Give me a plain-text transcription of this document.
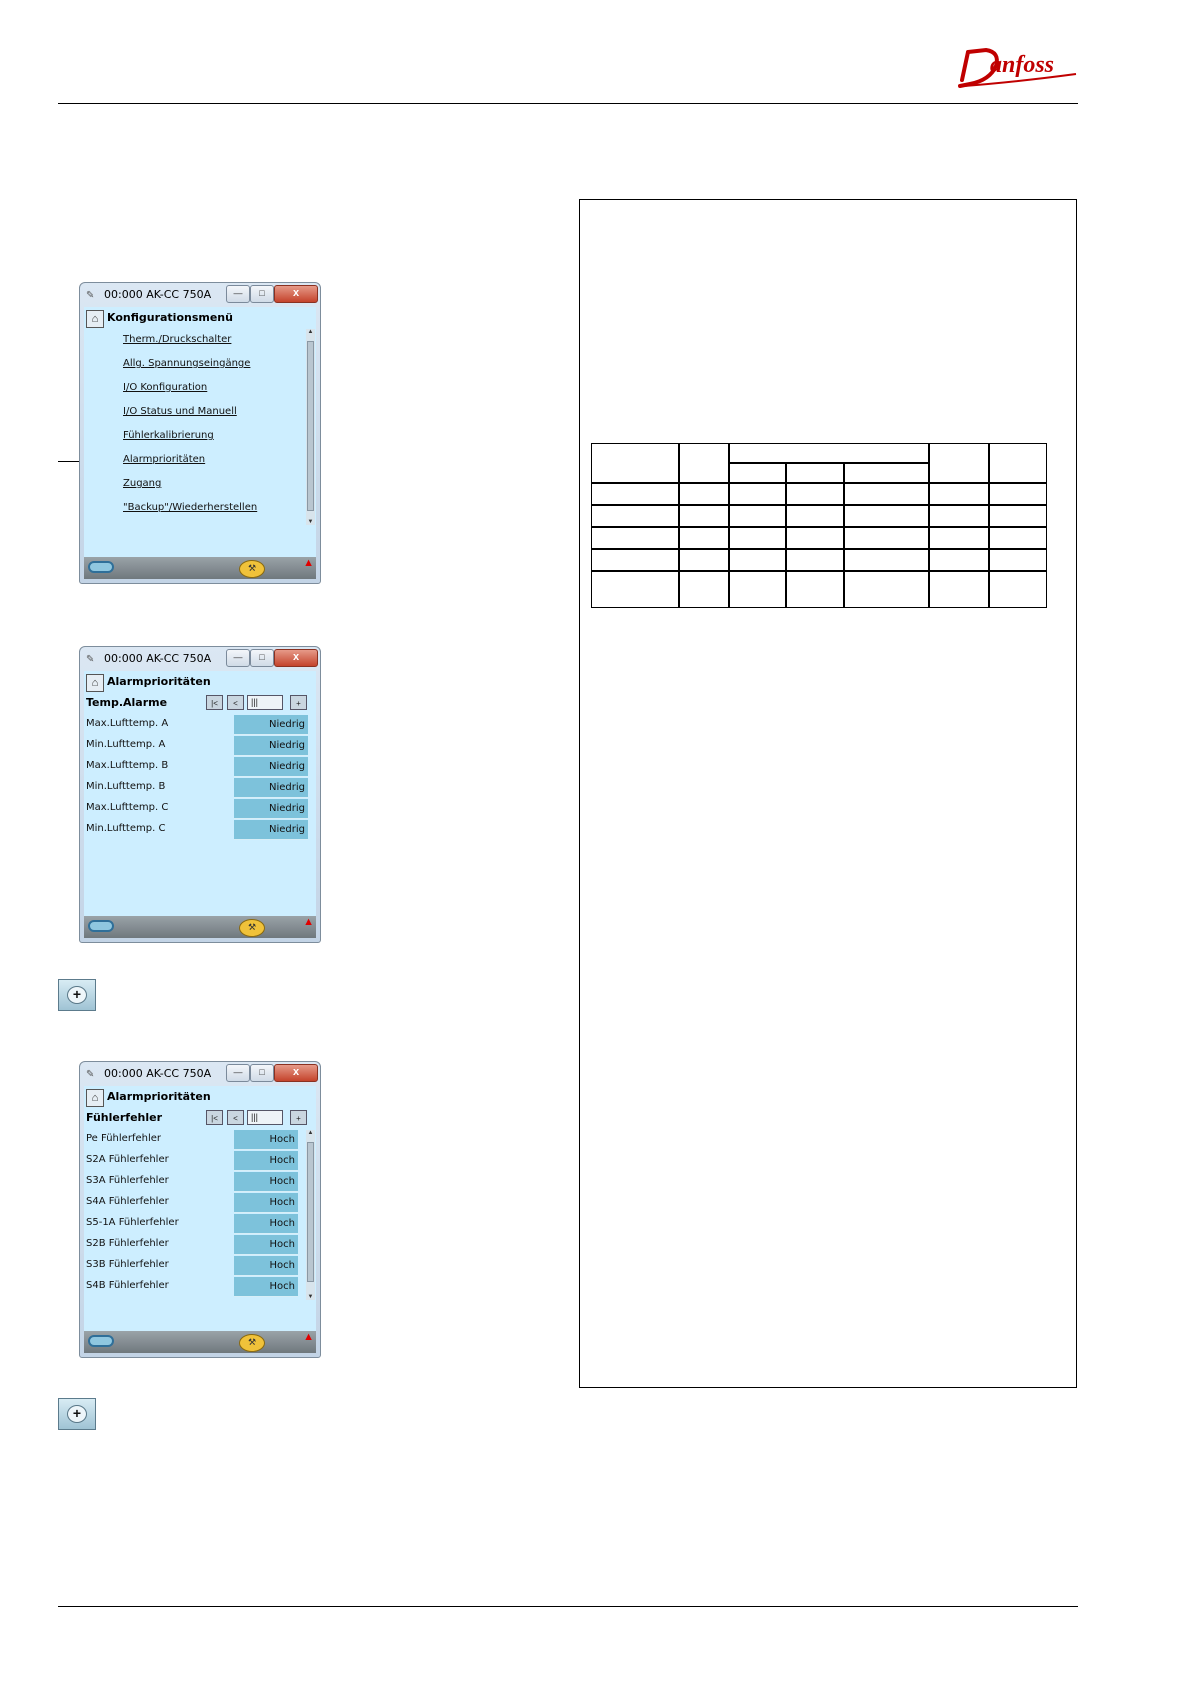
anfoss
✎ 00:000 AK-CC 750A	—	□	x
⌂ Konfigurationsmenü
Therm./Druckschalter
Allg. Spannungseingänge
I/O Konfiguration
I/O Status und Manuell
Fühlerkalibrierung
Alarmprioritäten
Zugang
"Backup"/Wiederherstellen
▲
▼
⚒	▲
✎ 00:000 AK-CC 750A	—	□	x
⌂ Alarmprioritäten
Temp.Alarme	|<	<	|||	+
Max.Lufttemp. A	Niedrig
Min.Lufttemp. A	Niedrig
Max.Lufttemp. B	Niedrig
Min.Lufttemp. B	Niedrig
Max.Lufttemp. C	Niedrig
Min.Lufttemp. C	Niedrig
⚒	▲
+
✎ 00:000 AK-CC 750A	—	□	x
⌂ Alarmprioritäten
Fühlerfehler	|<	<	|||	+
Pe Fühlerfehler	Hoch
S2A Fühlerfehler	Hoch
S3A Fühlerfehler	Hoch
S4A Fühlerfehler	Hoch
S5-1A Fühlerfehler	Hoch
S2B Fühlerfehler	Hoch
S3B Fühlerfehler	Hoch
S4B Fühlerfehler	Hoch
▲
▼
⚒	▲
+
